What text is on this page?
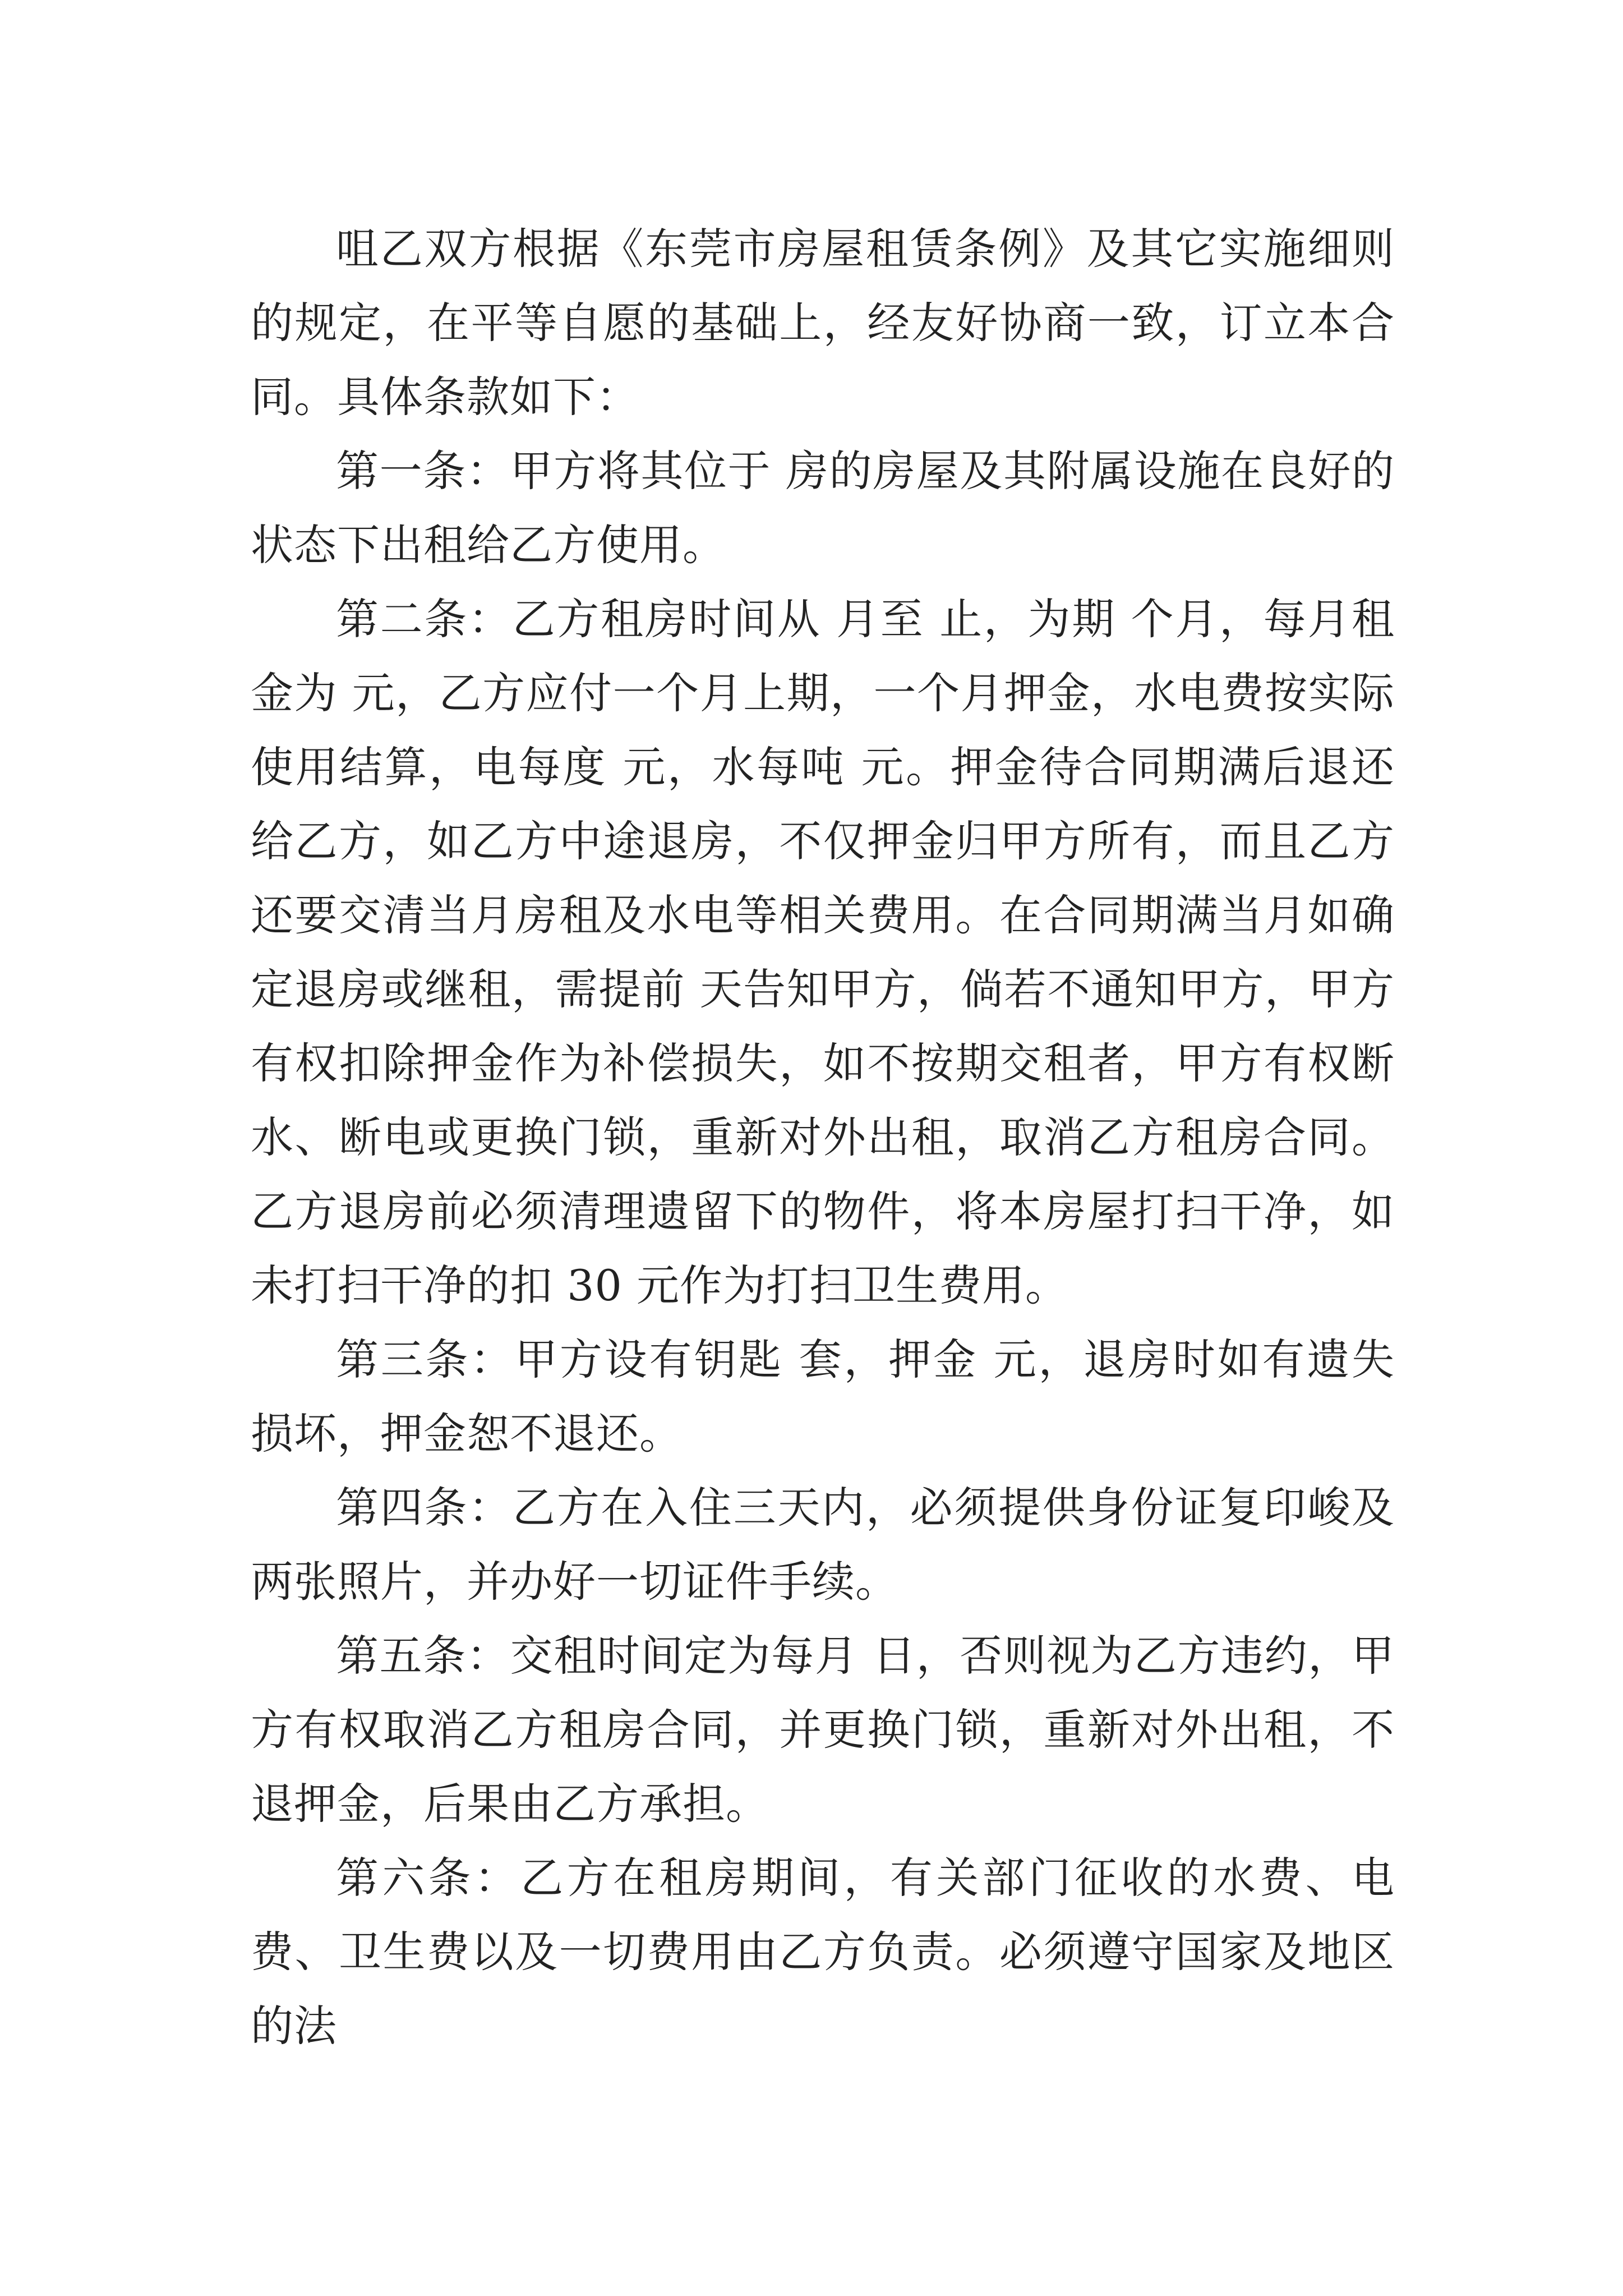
咀乙双方根据《东莞市房屋租赁条例》及其它实施细则的规定，在平等自愿的基础上，经友好协商一致，订立本合同。具体条款如下：

第一条：甲方将其位于 房的房屋及其附属设施在良好的状态下出租给乙方使用。

第二条：乙方租房时间从 月至 止，为期 个月，每月租金为 元，乙方应付一个月上期，一个月押金，水电费按实际使用结算，电每度 元，水每吨 元。押金待合同期满后退还给乙方，如乙方中途退房，不仅押金归甲方所有，而且乙方还要交清当月房租及水电等相关费用。在合同期满当月如确定退房或继租，需提前 天告知甲方，倘若不通知甲方，甲方有权扣除押金作为补偿损失，如不按期交租者，甲方有权断水、断电或更换门锁，重新对外出租，取消乙方租房合同。乙方退房前必须清理遗留下的物件，将本房屋打扫干净，如未打扫干净的扣 30 元作为打扫卫生费用。

第三条：甲方设有钥匙 套，押金 元，退房时如有遗失损坏，押金恕不退还。

第四条：乙方在入住三天内，必须提供身份证复印峻及两张照片，并办好一切证件手续。

第五条：交租时间定为每月 日，否则视为乙方违约，甲方有权取消乙方租房合同，并更换门锁，重新对外出租，不退押金，后果由乙方承担。

第六条：乙方在租房期间，有关部门征收的水费、电费、卫生费以及一切费用由乙方负责。必须遵守国家及地区的法
